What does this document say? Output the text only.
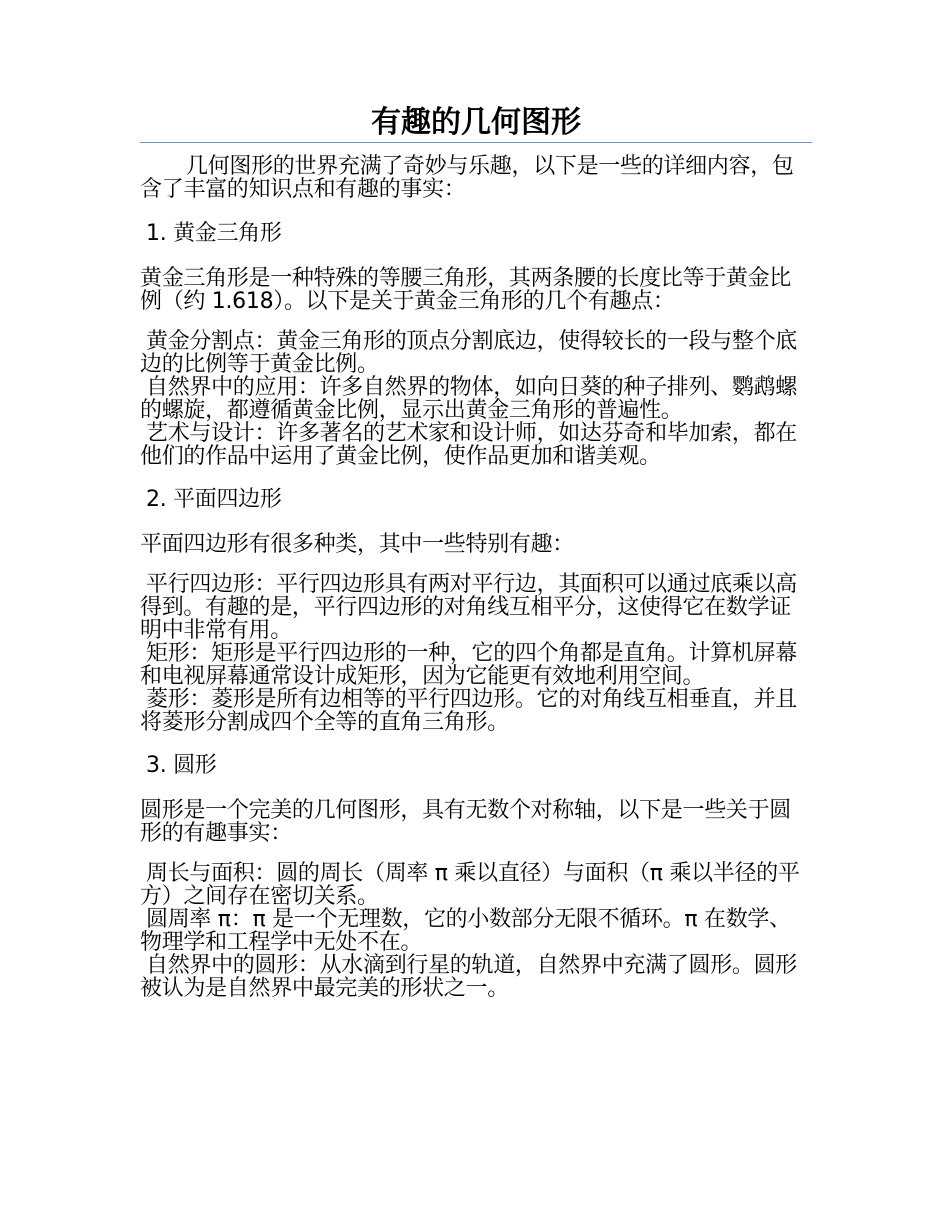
有趣的几何图形

几何图形的世界充满了奇妙与乐趣，以下是一些的详细内容，包含了丰富的知识点和有趣的事实：

1. 黄金三角形

黄金三角形是一种特殊的等腰三角形，其两条腰的长度比等于黄金比例（约 1.618）。以下是关于黄金三角形的几个有趣点：

黄金分割点：黄金三角形的顶点分割底边，使得较长的一段与整个底边的比例等于黄金比例。

自然界中的应用：许多自然界的物体，如向日葵的种子排列、鹦鹉螺的螺旋，都遵循黄金比例，显示出黄金三角形的普遍性。

艺术与设计：许多著名的艺术家和设计师，如达芬奇和毕加索，都在他们的作品中运用了黄金比例，使作品更加和谐美观。

2. 平面四边形

平面四边形有很多种类，其中一些特别有趣：

平行四边形：平行四边形具有两对平行边，其面积可以通过底乘以高得到。有趣的是，平行四边形的对角线互相平分，这使得它在数学证明中非常有用。

矩形：矩形是平行四边形的一种，它的四个角都是直角。计算机屏幕和电视屏幕通常设计成矩形，因为它能更有效地利用空间。

菱形：菱形是所有边相等的平行四边形。它的对角线互相垂直，并且将菱形分割成四个全等的直角三角形。

3. 圆形

圆形是一个完美的几何图形，具有无数个对称轴，以下是一些关于圆形的有趣事实：

周长与面积：圆的周长（周率 π 乘以直径）与面积（π 乘以半径的平方）之间存在密切关系。

圆周率 π：π 是一个无理数，它的小数部分无限不循环。π 在数学、物理学和工程学中无处不在。

自然界中的圆形：从水滴到行星的轨道，自然界中充满了圆形。圆形被认为是自然界中最完美的形状之一。
